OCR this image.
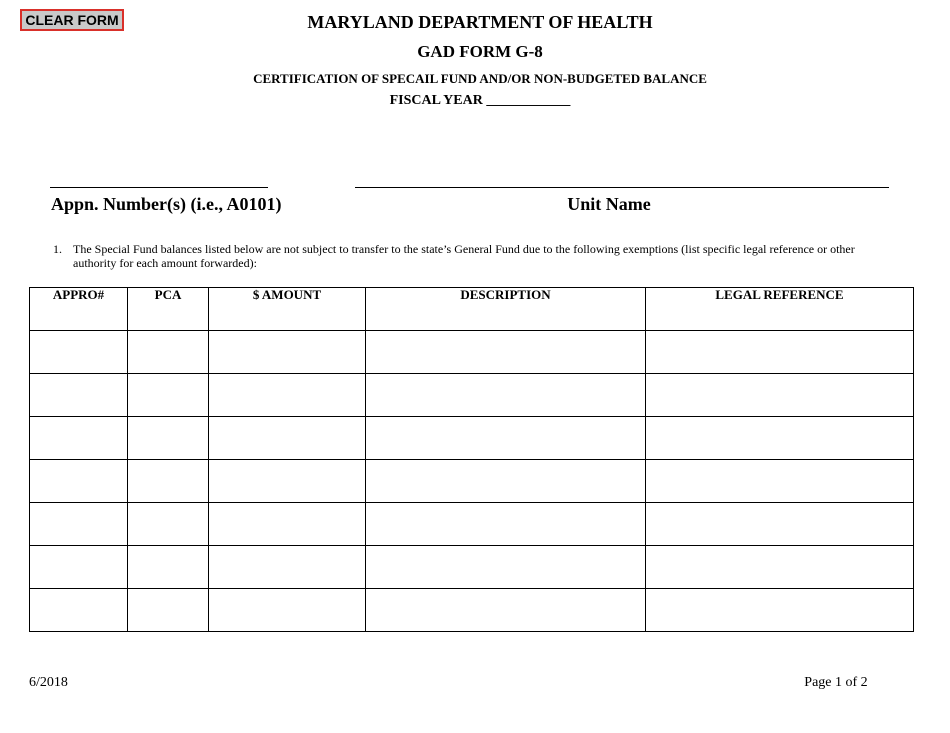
CLEAR FORM	MARYLAND DEPARTMENT OF HEALTH
GAD FORM G-8
CERTIFICATION OF SPECAIL FUND AND/OR NON-BUDGETED BALANCE
FISCAL YEAR ____________
Appn. Number(s) (i.e., A0101)	Unit Name
1. The Special Fund balances listed below are not subject to transfer to the state’s General Fund due to the following exemptions (list specific legal reference or other authority for each amount forwarded):
APPRO#	PCA	$ AMOUNT	DESCRIPTION	LEGAL REFERENCE

6/2018	Page 1 of 2
